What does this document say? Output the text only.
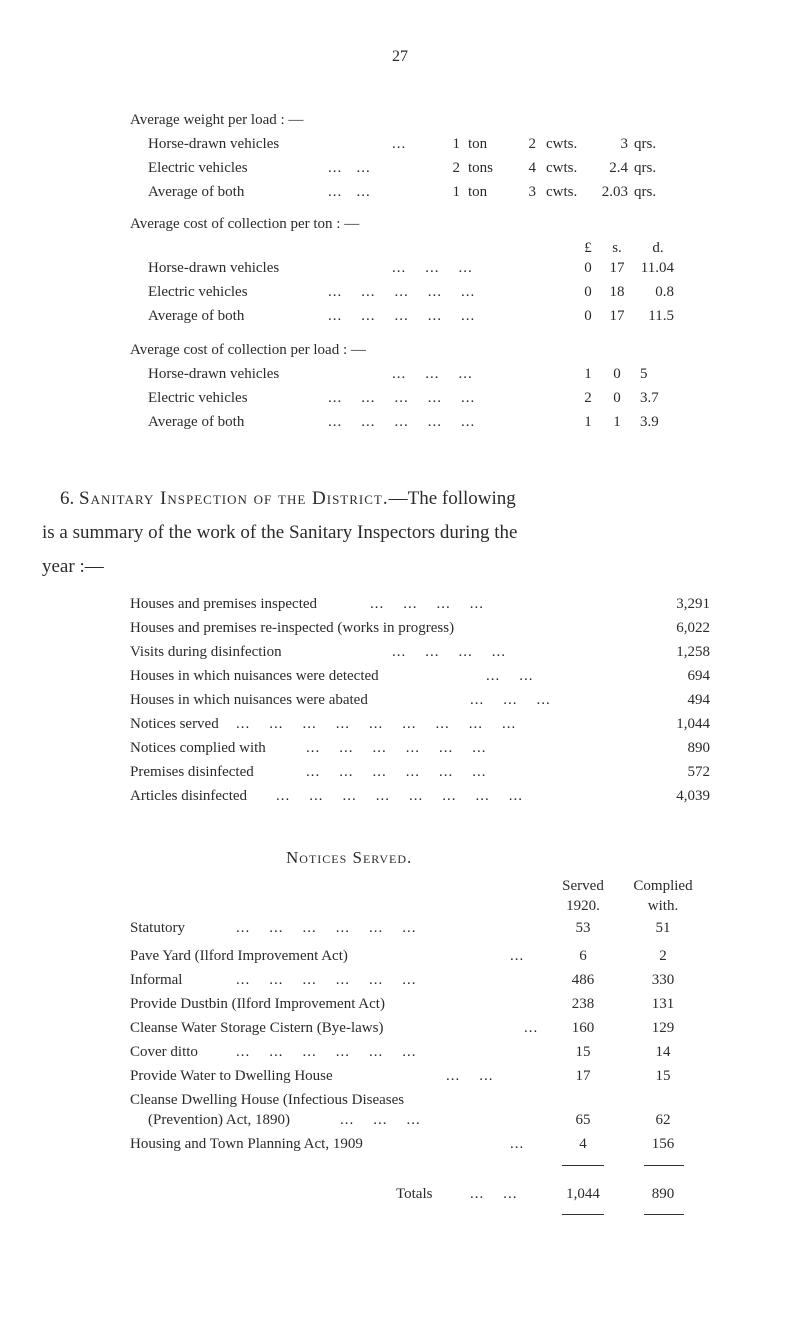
27
Average weight per load : —
Horse-drawn vehicles	...	1 ton	2 cwts.	3 qrs.
Electric vehicles	...   ...	2 tons	4 cwts.	2.4 qrs.
Average of both	...   ...	1 ton	3 cwts.	2.03 qrs.
Average cost of collection per ton : —
£	s.	d.
Horse-drawn vehicles	...    ...    ...	0	17	11.04
Electric vehicles	...    ...    ...    ...    ...	0	18	0.8
Average of both	...    ...    ...    ...    ...	0	17	11.5
Average cost of collection per load : —
Horse-drawn vehicles	...    ...    ...	1	0	5
Electric vehicles	...    ...    ...    ...    ...	2	0	3.7
Average of both	...    ...    ...    ...    ...	1	1	3.9
6. Sanitary Inspection of the District.—The following
is a summary of the work of the Sanitary Inspectors during the
year :—
Houses and premises inspected	...    ...    ...    ...	3,291
Houses and premises re-inspected (works in progress)	6,022
Visits during disinfection	...    ...    ...    ...	1,258
Houses in which nuisances were detected	...    ...	694
Houses in which nuisances were abated	...    ...    ...	494
Notices served ...    ...    ...    ...    ...    ...    ...    ...    ...	1,044
Notices complied with	...    ...    ...    ...    ...    ...	890
Premises disinfected	...    ...    ...    ...    ...    ...	572
Articles disinfected ...    ...    ...    ...    ...    ...    ...    ...	4,039
Notices Served.
Served
1920.
Complied
with.
Statutory	...    ...    ...    ...    ...    ...	53	51
Pave Yard (Ilford Improvement Act)	...	6	2
Informal	...    ...    ...    ...    ...    ...	486	330
Provide Dustbin (Ilford Improvement Act)	238	131
Cleanse Water Storage Cistern (Bye-laws)	...	160	129
Cover ditto	...    ...    ...    ...    ...    ...	15	14
Provide Water to Dwelling House	...    ...	17	15
Cleanse Dwelling House (Infectious Diseases
(Prevention) Act, 1890)	...    ...    ...	65	62
Housing and Town Planning Act, 1909	...	4	156
Totals	...    ...	1,044	890
